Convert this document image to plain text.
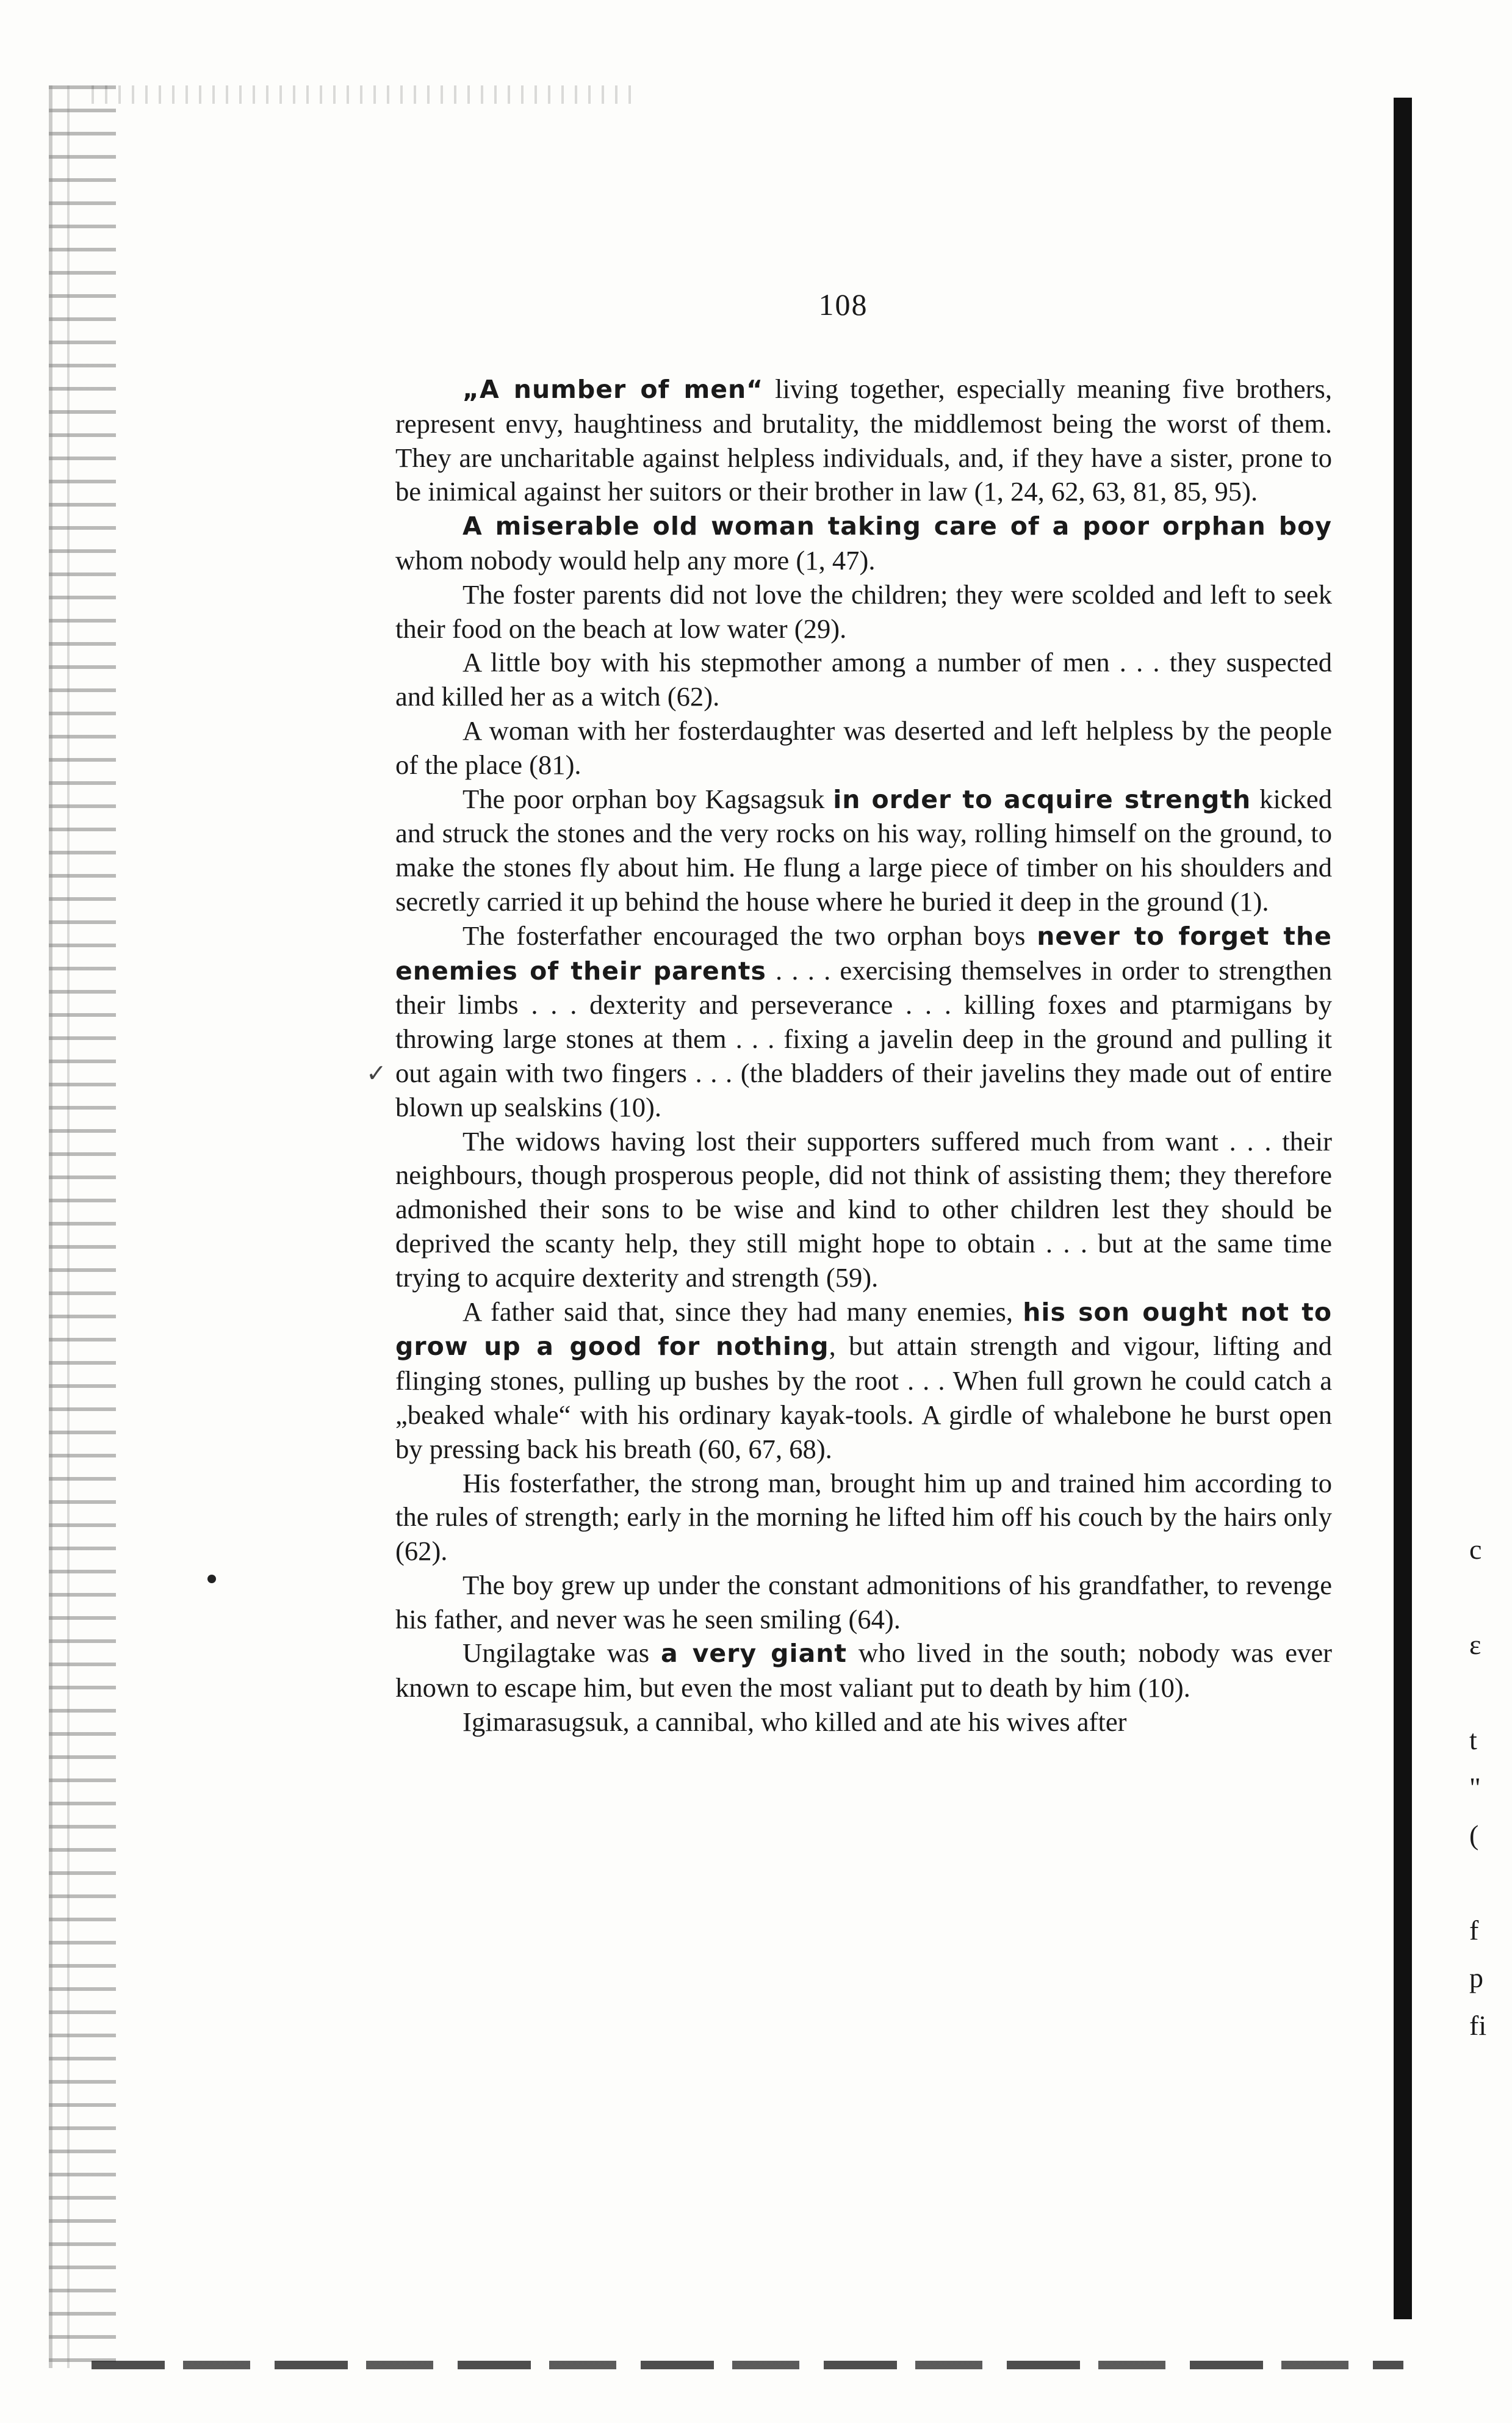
108

„A number of men“ living together, especially meaning five brothers, represent envy, haughtiness and brutality, the middlemost being the worst of them. They are uncharitable against helpless individuals, and, if they have a sister, prone to be inimical against her suitors or their brother in law (1, 24, 62, 63, 81, 85, 95).

A miserable old woman taking care of a poor orphan boy whom nobody would help any more (1, 47).

The foster parents did not love the children; they were scolded and left to seek their food on the beach at low water (29).

A little boy with his stepmother among a number of men . . . they suspected and killed her as a witch (62).

A woman with her fosterdaughter was deserted and left helpless by the people of the place (81).

The poor orphan boy Kagsagsuk in order to acquire strength kicked and struck the stones and the very rocks on his way, rolling himself on the ground, to make the stones fly about him. He flung a large piece of timber on his shoulders and secretly carried it up behind the house where he buried it deep in the ground (1).

The fosterfather encouraged the two orphan boys never to forget the enemies of their parents . . . . exercising themselves in order to strengthen their limbs . . . dexterity and perseverance . . . killing foxes and ptarmigans by throwing large stones at them . . . fixing a javelin deep in the ground and pulling it out again with two fingers . . . (the bladders of their javelins they made out of entire blown up sealskins (10).

The widows having lost their supporters suffered much from want . . . their neighbours, though prosperous people, did not think of assisting them; they therefore admonished their sons to be wise and kind to other children lest they should be deprived the scanty help, they still might hope to obtain . . . but at the same time trying to acquire dexterity and strength (59).

A father said that, since they had many enemies, his son ought not to grow up a good for nothing, but attain strength and vigour, lifting and flinging stones, pulling up bushes by the root . . . When full grown he could catch a „beaked whale“ with his ordinary kayak-tools. A girdle of whalebone he burst open by pressing back his breath (60, 67, 68).

His fosterfather, the strong man, brought him up and trained him according to the rules of strength; early in the morning he lifted him off his couch by the hairs only (62).

The boy grew up under the constant admonitions of his grandfather, to revenge his father, and never was he seen smiling (64).

Ungilagtake was a very giant who lived in the south; nobody was ever known to escape him, but even the most valiant put to death by him (10).

Igimarasugsuk, a cannibal, who killed and ate his wives after

✓
c
ε
t
"
(
f
p
fi
